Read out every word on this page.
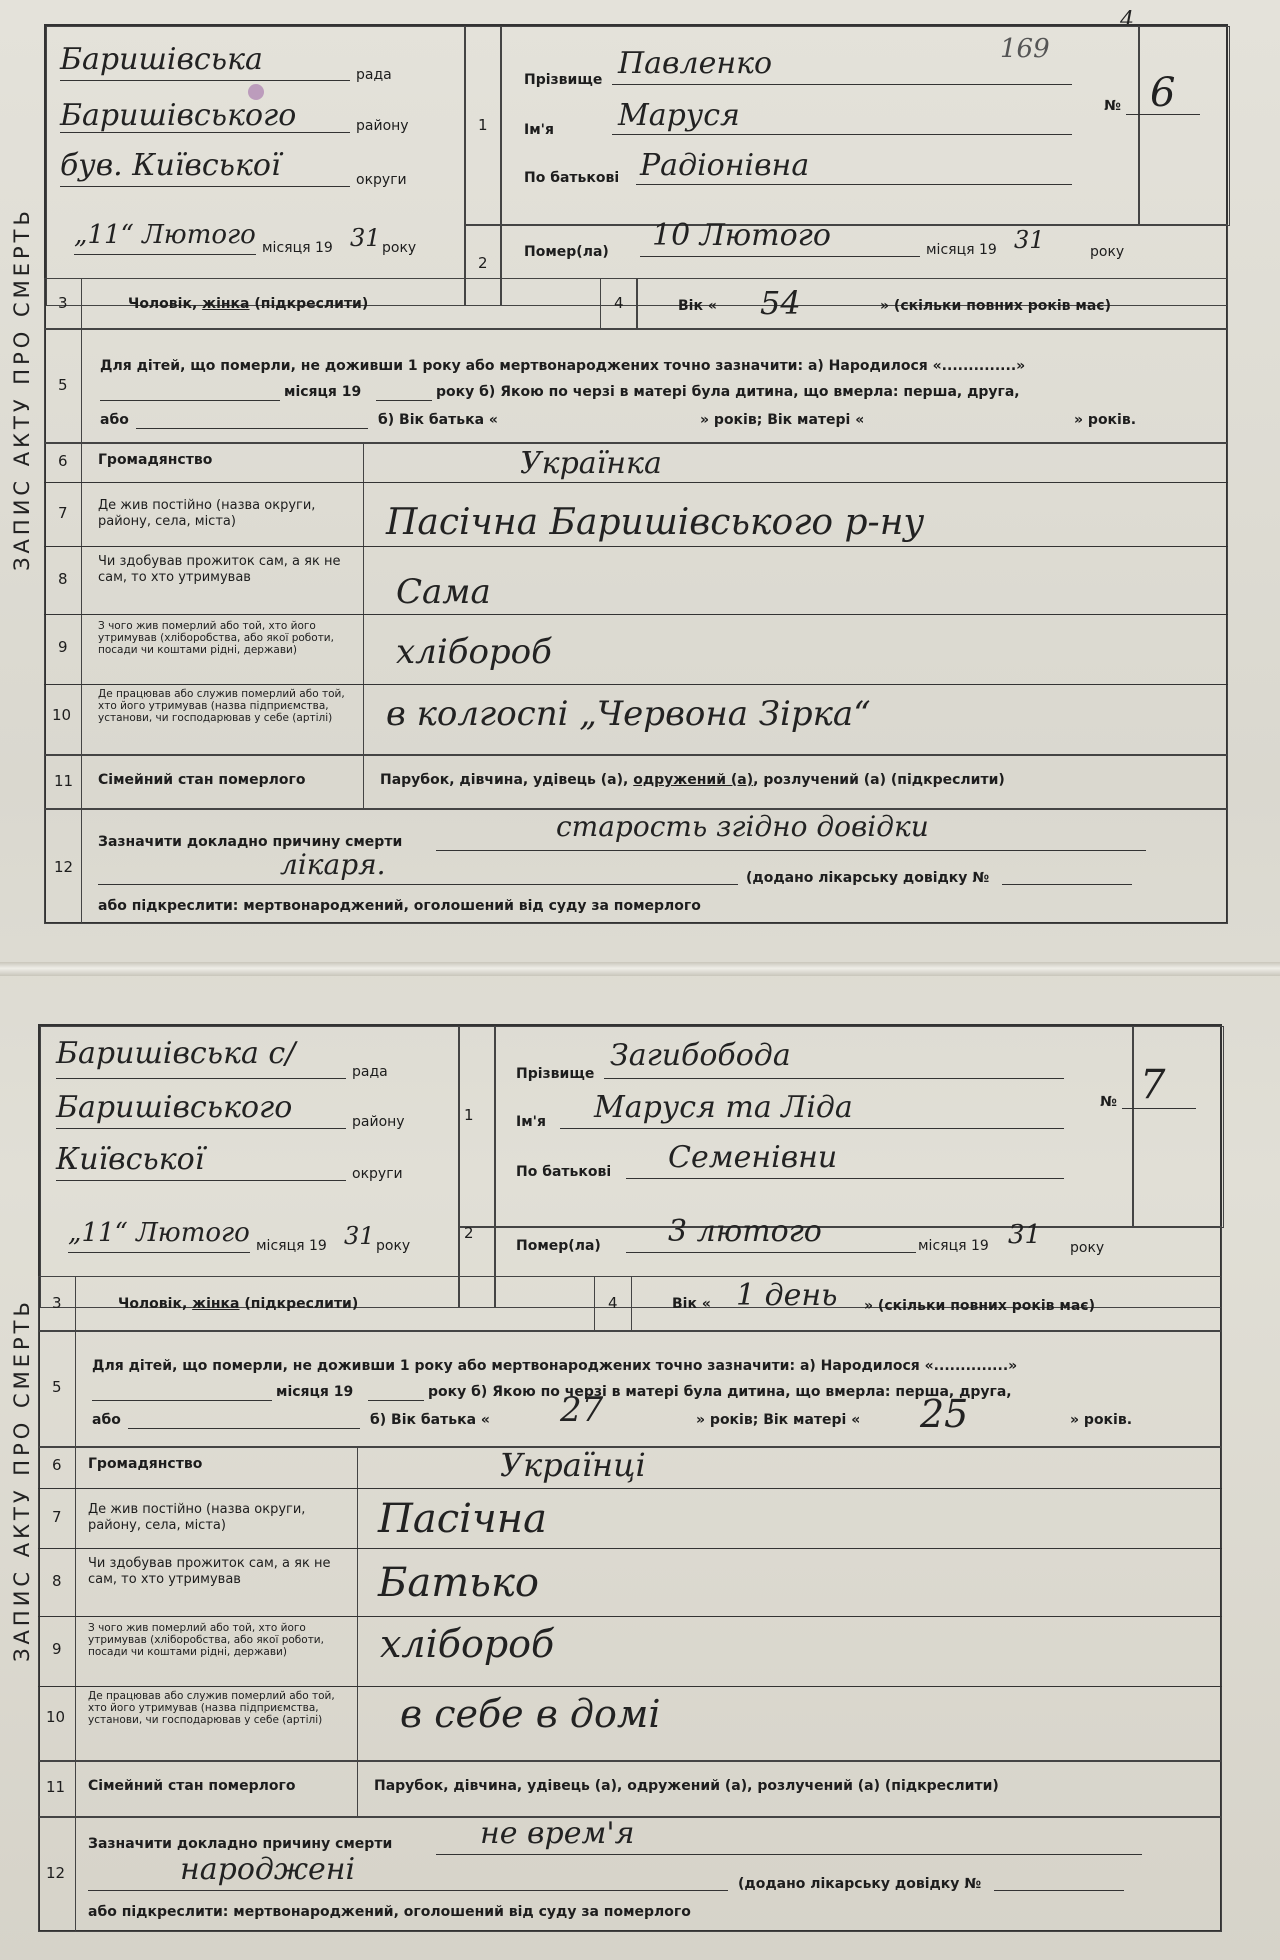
169
4
ЗАПИС АКТУ ПРО СМЕРТЬ
1
2
Баришівська	рада
Баришівського	району
був. Київської	округи
„11“ Лютого місяця 19 31 року
Прізвище Павленко
Ім'я Маруся
По батькові Радіонівна
№ 6
Помер(ла) 10 Лютого	місяця 19 31	року
3	Чоловік, жінка (підкреслити)	4	Вік « 54	» (скільки повних років має)
5
Для дітей, що померли, не доживши 1 року або мертвонароджених точно зазначити: а) Народилося «..............»
місяця 19	року б) Якою по черзі в матері була дитина, що вмерла: перша, друга,
або	б) Вік батька «	» років; Вік матері «	» років.
6 Громадянство	Українка
7 Де жив постійно (назва округи, району, села, міста)	Пасічна Баришівського р-ну
8
Чи здобував прожиток сам, а як не сам, то хто утримував	Сама
9
З чого жив померлий або той, хто його утримував (хліборобства, або якої роботи, посади чи коштами рідні, держави)	хлібороб
10
Де працював або служив померлий або той, хто його утримував (назва підприємства, установи, чи господарював у себе (артілі)	в колгоспі „Червона Зірка“
11 Сімейний стан померлого	Парубок, дівчина, удівець (а), одружений (а), розлучений (а) (підкреслити)
12
Зазначити докладно причину смерти	старость згідно довідки
лікаря.	(додано лікарську довідку №
або підкреслити: мертвонароджений, оголошений від суду за померлого
ЗАПИС АКТУ ПРО СМЕРТЬ
1
2
Баришівська с/
рада
Баришівського	району
Київської	округи
„11“ Лютого місяця 19 31 року
Прізвище
Загибобода
Ім'я Маруся та Ліда
По батькові Семенівни
№ 7
Помер(ла) 3 лютого	місяця 19 31 року
3	Чоловік, жінка (підкреслити)	4	Вік « 1 день » (скільки повних років має)
5
Для дітей, що померли, не доживши 1 року або мертвонароджених точно зазначити: а) Народилося «..............»
місяця 19	року б) Якою по черзі в матері була дитина, що вмерла: перша, друга,
або	б) Вік батька « 27	» років; Вік матері « 25	» років.
6 Громадянство	Українці
7 Де жив постійно (назва округи, району, села, міста)	Пасічна
8
Чи здобував прожиток сам, а як не сам, то хто утримував	Батько
9
З чого жив померлий або той, хто його утримував (хліборобства, або якої роботи, посади чи коштами рідні, держави)	хлібороб
10
Де працював або служив померлий або той, хто його утримував (назва підприємства, установи, чи господарював у себе (артілі)	в себе в домі
11 Сімейний стан померлого	Парубок, дівчина, удівець (а), одружений (а), розлучений (а) (підкреслити)
12
Зазначити докладно причину смерти	не врем'я
народжені	(додано лікарську довідку №
або підкреслити: мертвонароджений, оголошений від суду за померлого
